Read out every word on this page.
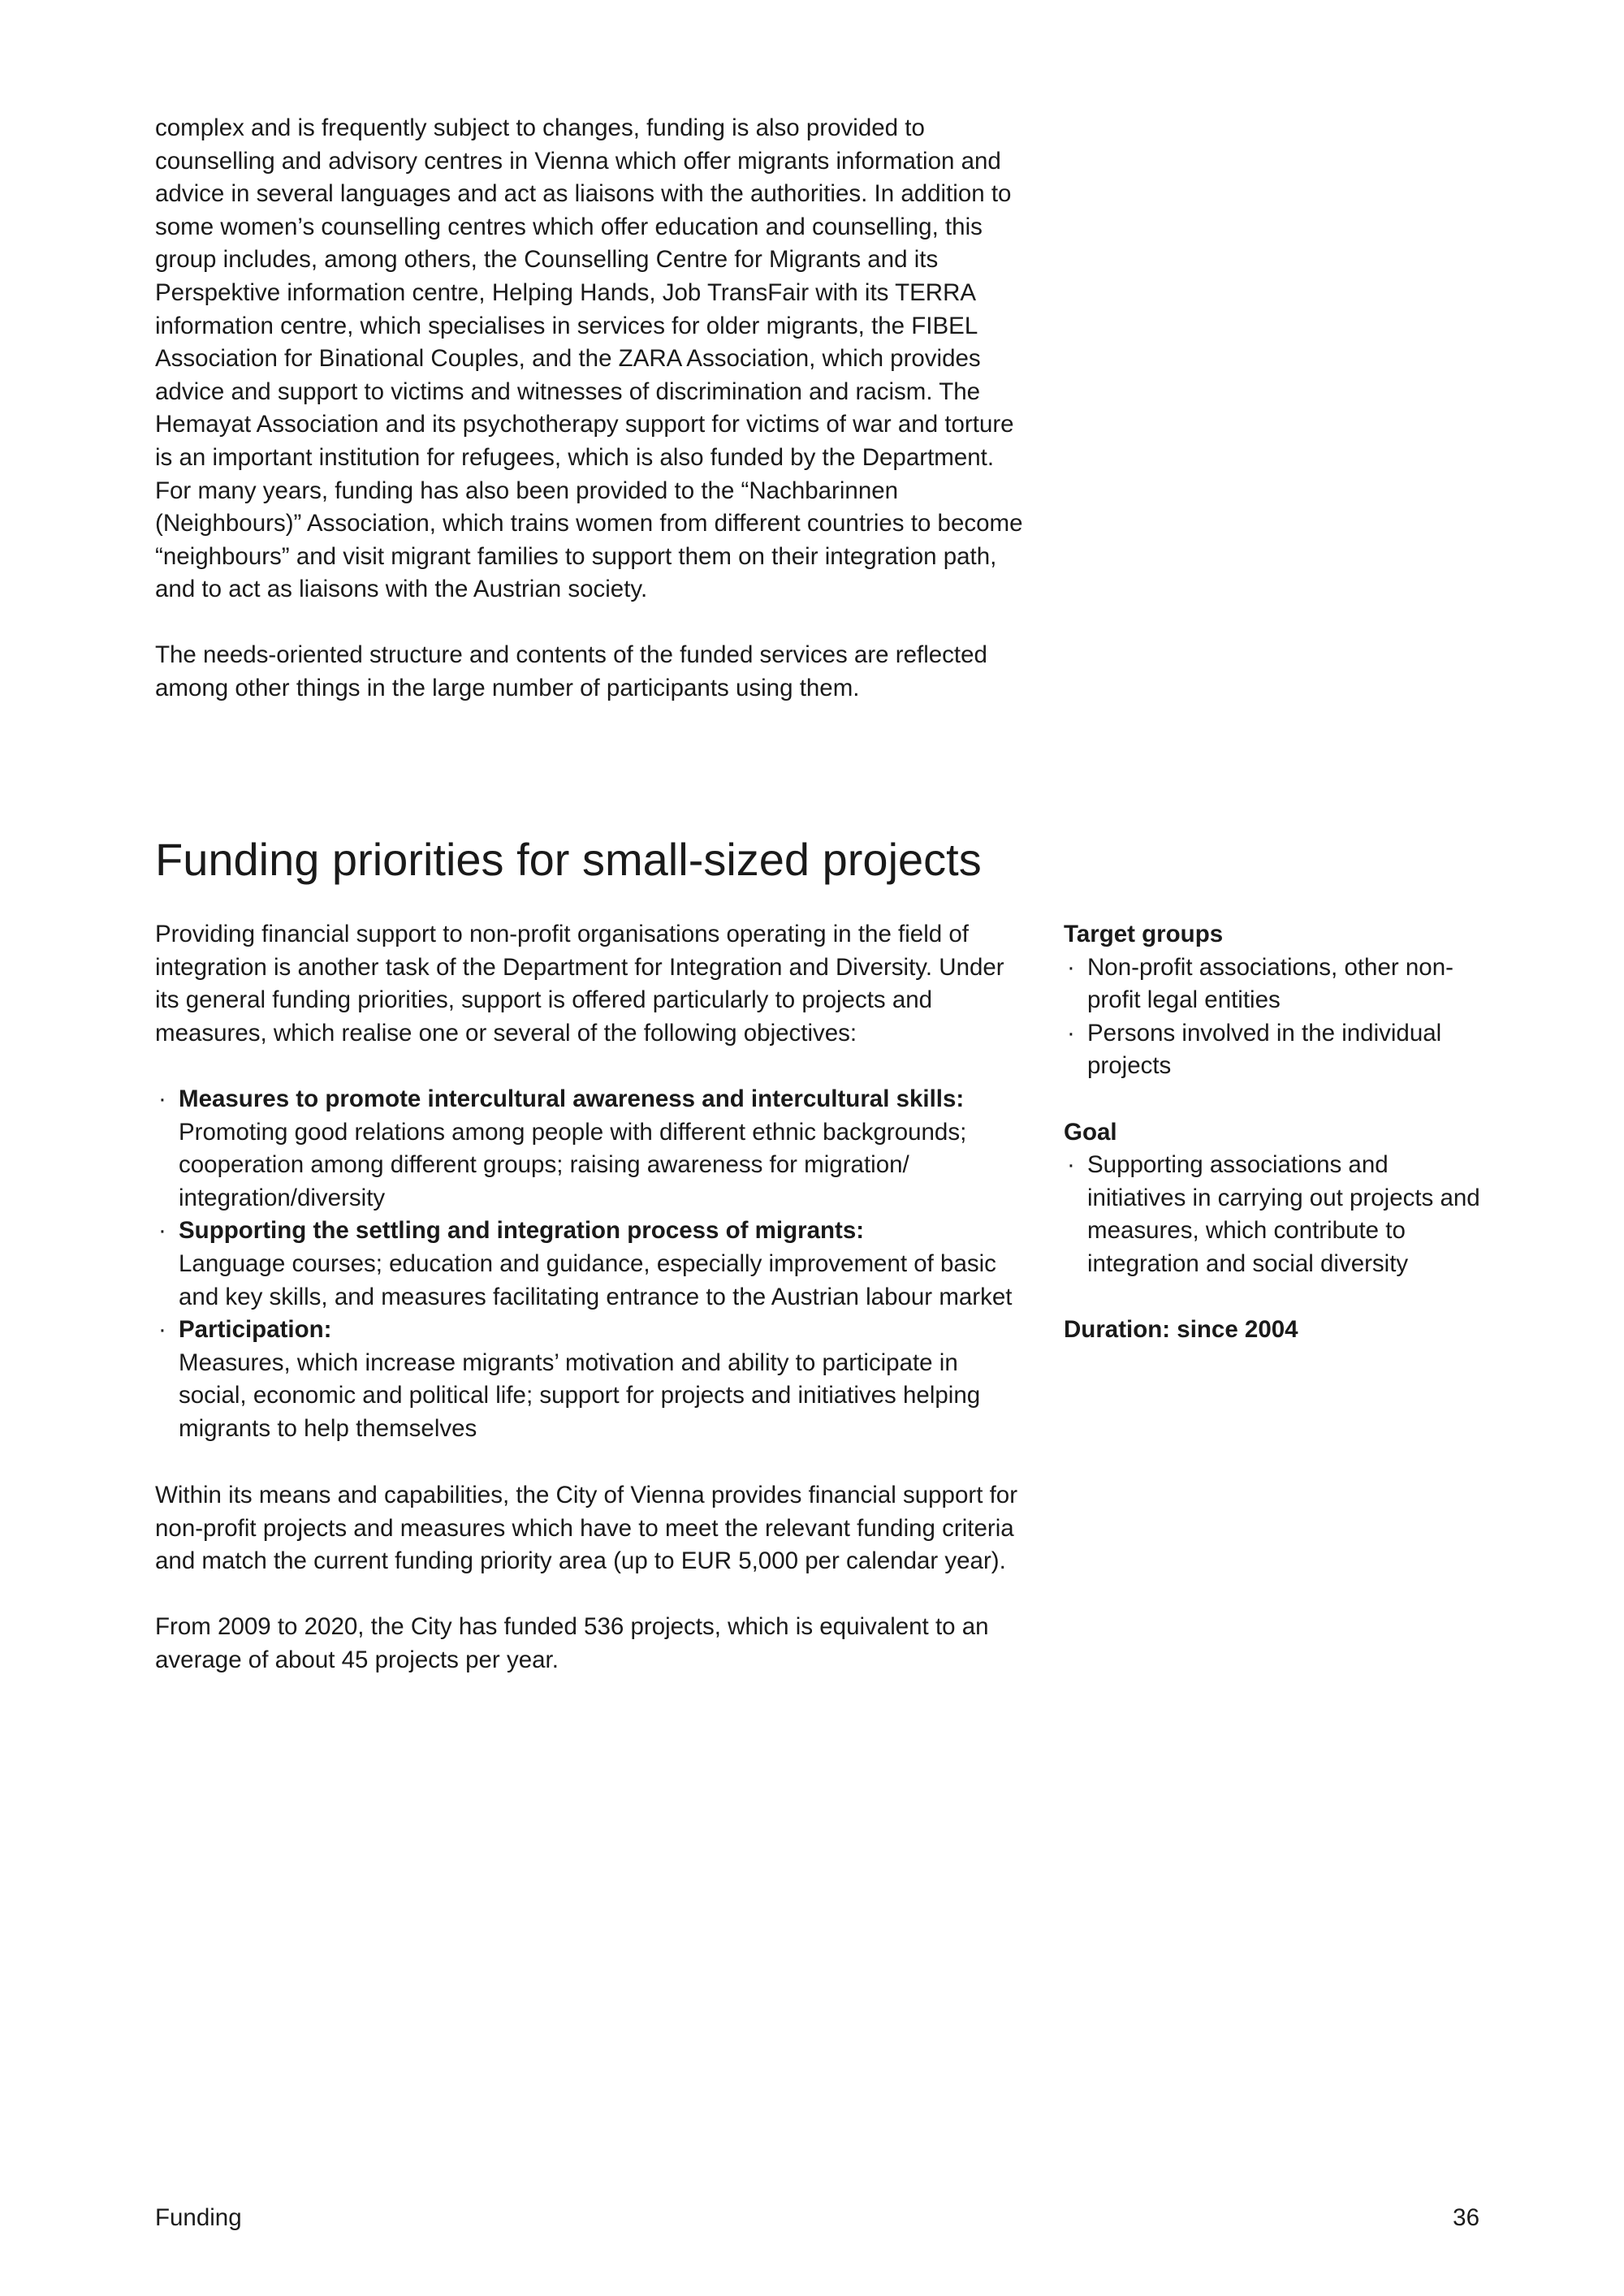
complex and is frequently subject to changes, funding is also provided to counselling and advisory centres in Vienna which offer migrants information and advice in several languages and act as liaisons with the authorities. In addition to some women’s counselling centres which offer education and counselling, this group includes, among others, the Counselling Centre for Migrants and its Perspektive information centre, Helping Hands, Job TransFair with its TERRA information centre, which specialises in services for older migrants, the FIBEL Association for Binational Couples, and the ZARA Association, which provides advice and support to victims and witnesses of discrimination and racism. The Hemayat Association and its psychotherapy support for victims of war and torture is an important institution for refugees, which is also funded by the Department. For many years, funding has also been provided to the “Nachbarinnen (Neighbours)” Association, which trains women from different countries to become “neighbours” and visit migrant families to support them on their integration path, and to act as liaisons with the Austrian society.

The needs-oriented structure and contents of the funded services are reflected among other things in the large number of participants using them.

Funding priorities for small-sized projects

Providing financial support to non-profit organisations operating in the field of integration is another task of the Department for Integration and Diversity. Under its general funding priorities, support is offered particularly to projects and measures, which realise one or several of the following objectives:

· Measures to promote intercultural awareness and intercultural skills:
Promoting good relations among people with different ethnic backgrounds; cooperation among different groups; raising awareness for migration/ integration/diversity
· Supporting the settling and integration process of migrants:
Language courses; education and guidance, especially improvement of basic and key skills, and measures facilitating entrance to the Austrian labour market
· Participation:
Measures, which increase migrants’ motivation and ability to participate in social, economic and political life; support for projects and initiatives helping migrants to help themselves

Within its means and capabilities, the City of Vienna provides financial support for non-profit projects and measures which have to meet the relevant funding criteria and match the current funding priority area (up to EUR 5,000 per calendar year).

From 2009 to 2020, the City has funded 536 projects, which is equivalent to an average of about 45 projects per year.

Target groups

· Non-profit associations, other non-profit legal entities
· Persons involved in the individual projects

Goal

· Supporting associations and initiatives in carrying out projects and measures, which contribute to integration and social diversity

Duration: since 2004

Funding	36
